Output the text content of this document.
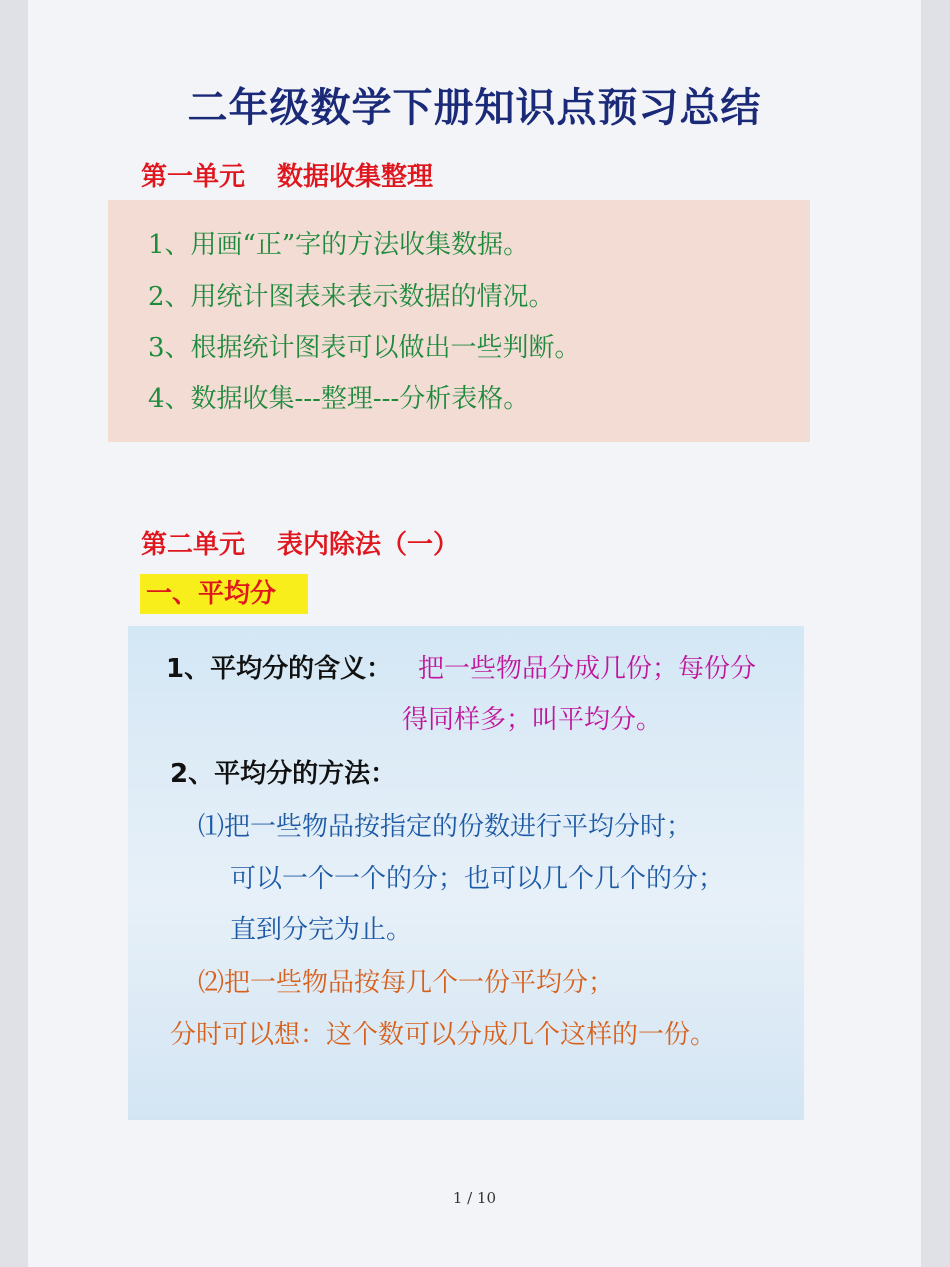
二年级数学下册知识点预习总结
第一单元 数据收集整理
1、用画“正”字的方法收集数据。
2、用统计图表来表示数据的情况。
3、根据统计图表可以做出一些判断。
4、数据收集---整理---分析表格。
第二单元 表内除法（一）
一、平均分
1、平均分的含义： 把一些物品分成几份；每份分
得同样多；叫平均分。
2、平均分的方法：
⑴把一些物品按指定的份数进行平均分时；
可以一个一个的分；也可以几个几个的分；
直到分完为止。
⑵把一些物品按每几个一份平均分；
分时可以想：这个数可以分成几个这样的一份。
1 / 10
